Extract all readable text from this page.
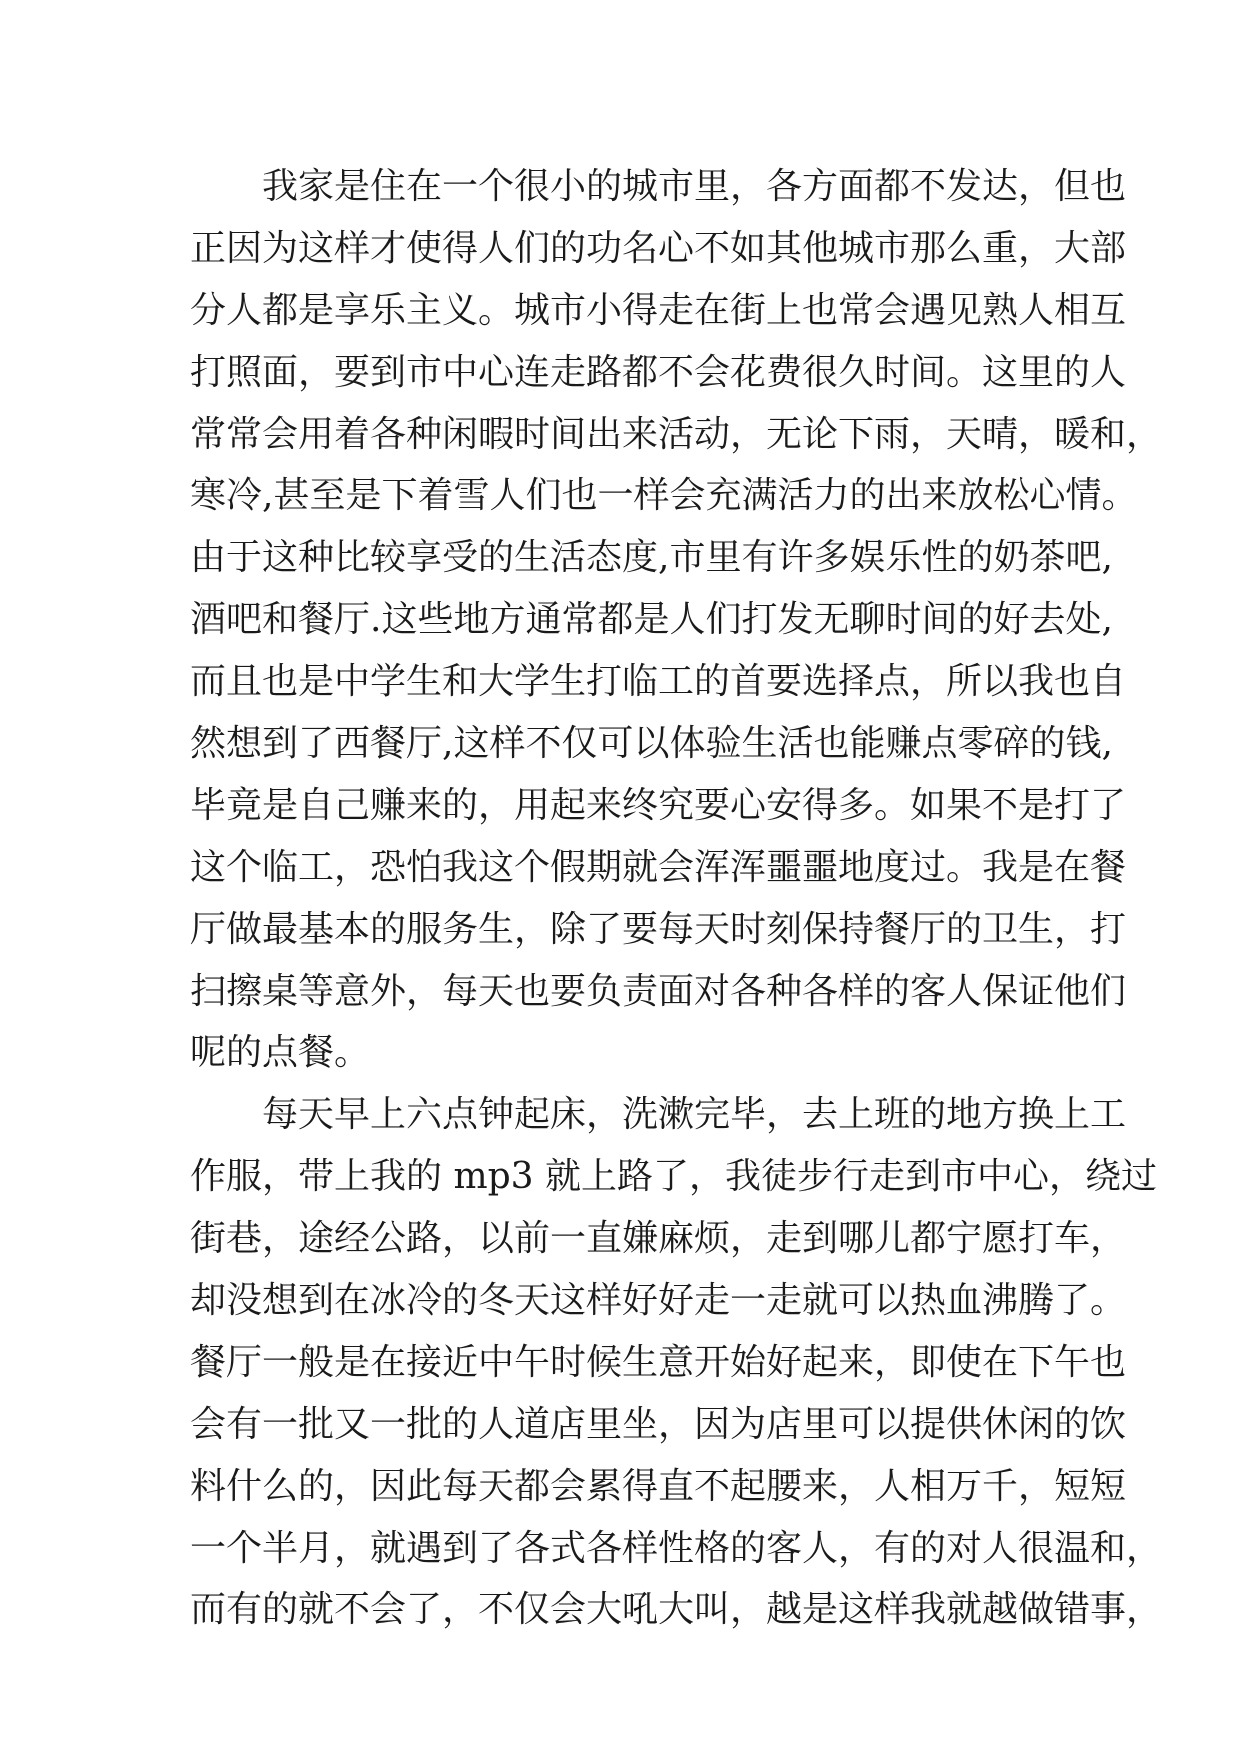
我家是住在一个很小的城市里，各方面都不发达，但也
正因为这样才使得人们的功名心不如其他城市那么重，大部
分人都是享乐主义。城市小得走在街上也常会遇见熟人相互
打照面，要到市中心连走路都不会花费很久时间。这里的人
常常会用着各种闲暇时间出来活动，无论下雨，天晴，暖和，
寒冷,甚至是下着雪人们也一样会充满活力的出来放松心情。
由于这种比较享受的生活态度,市里有许多娱乐性的奶茶吧,
酒吧和餐厅.这些地方通常都是人们打发无聊时间的好去处,
而且也是中学生和大学生打临工的首要选择点，所以我也自
然想到了西餐厅,这样不仅可以体验生活也能赚点零碎的钱,
毕竟是自己赚来的，用起来终究要心安得多。如果不是打了
这个临工，恐怕我这个假期就会浑浑噩噩地度过。我是在餐
厅做最基本的服务生，除了要每天时刻保持餐厅的卫生，打
扫擦桌等意外，每天也要负责面对各种各样的客人保证他们
呢的点餐。
每天早上六点钟起床，洗漱完毕，去上班的地方换上工
作服，带上我的 mp3 就上路了，我徒步行走到市中心，绕过
街巷，途经公路，以前一直嫌麻烦，走到哪儿都宁愿打车，
却没想到在冰冷的冬天这样好好走一走就可以热血沸腾了。
餐厅一般是在接近中午时候生意开始好起来，即使在下午也
会有一批又一批的人道店里坐，因为店里可以提供休闲的饮
料什么的，因此每天都会累得直不起腰来，人相万千，短短
一个半月，就遇到了各式各样性格的客人，有的对人很温和，
而有的就不会了，不仅会大吼大叫，越是这样我就越做错事，
